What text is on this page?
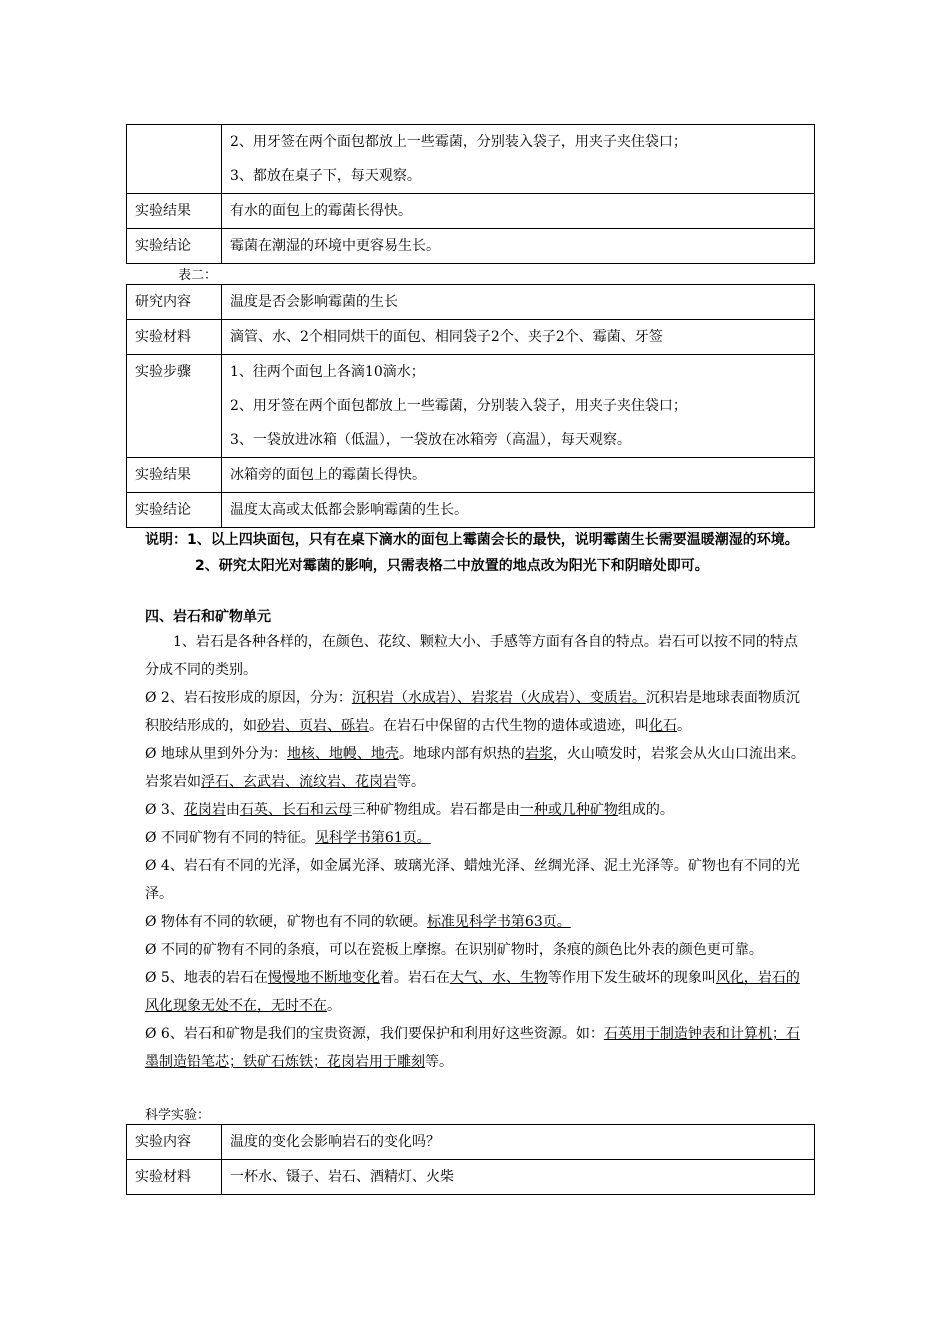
	2、用牙签在两个面包都放上一些霉菌，分别装入袋子，用夹子夹住袋口；

3、都放在桌子下，每天观察。

实验结果	有水的面包上的霉菌长得快。

实验结论	霉菌在潮湿的环境中更容易生长。

表二：
研究内容	温度是否会影响霉菌的生长

实验材料	滴管、水、2个相同烘干的面包、相同袋子2个、夹子2个、霉菌、牙签

实验步骤	1、往两个面包上各滴10滴水；

2、用牙签在两个面包都放上一些霉菌，分别装入袋子，用夹子夹住袋口；

3、一袋放进冰箱（低温），一袋放在冰箱旁（高温），每天观察。

实验结果	冰箱旁的面包上的霉菌长得快。

实验结论	温度太高或太低都会影响霉菌的生长。

说明：1、以上四块面包，只有在桌下滴水的面包上霉菌会长的最快，说明霉菌生长需要温暖潮湿的环境。
2、研究太阳光对霉菌的影响，只需表格二中放置的地点改为阳光下和阴暗处即可。
四、岩石和矿物单元

1、岩石是各种各样的，在颜色、花纹、颗粒大小、手感等方面有各自的特点。岩石可以按不同的特点分成不同的类别。

Ø 2、岩石按形成的原因，分为：沉积岩（水成岩）、岩浆岩（火成岩）、变质岩。沉积岩是地球表面物质沉积胶结形成的，如砂岩、页岩、砾岩。在岩石中保留的古代生物的遗体或遗迹，叫化石。

Ø 地球从里到外分为：地核、地幔、地壳。地球内部有炽热的岩浆，火山喷发时，岩浆会从火山口流出来。岩浆岩如浮石、玄武岩、流纹岩、花岗岩等。

Ø 3、花岗岩由石英、长石和云母三种矿物组成。岩石都是由一种或几种矿物组成的。

Ø 不同矿物有不同的特征。见科学书第61页。

Ø 4、岩石有不同的光泽，如金属光泽、玻璃光泽、蜡烛光泽、丝绸光泽、泥土光泽等。矿物也有不同的光泽。

Ø 物体有不同的软硬，矿物也有不同的软硬。标准见科学书第63页。

Ø 不同的矿物有不同的条痕，可以在瓷板上摩擦。在识别矿物时，条痕的颜色比外表的颜色更可靠。

Ø 5、地表的岩石在慢慢地不断地变化着。岩石在大气、水、生物等作用下发生破坏的现象叫风化，岩石的风化现象无处不在，无时不在。

Ø 6、岩石和矿物是我们的宝贵资源，我们要保护和利用好这些资源。如：石英用于制造钟表和计算机；石墨制造铅笔芯；铁矿石炼铁；花岗岩用于雕刻等。

科学实验：
实验内容	温度的变化会影响岩石的变化吗？

实验材料	一杯水、镊子、岩石、酒精灯、火柴
